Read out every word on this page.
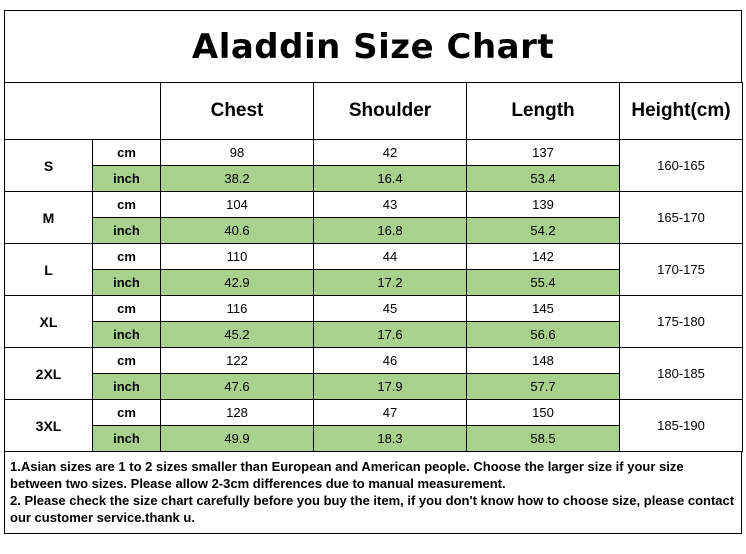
Aladdin Size Chart
		Chest	Shoulder	Length	Height(cm)
S	cm	98	42	137	160-165
	inch	38.2	16.4	53.4	
M	cm	104	43	139	165-170
	inch	40.6	16.8	54.2	
L	cm	110	44	142	170-175
	inch	42.9	17.2	55.4	
XL	cm	116	45	145	175-180
	inch	45.2	17.6	56.6	
2XL	cm	122	46	148	180-185
	inch	47.6	17.9	57.7	
3XL	cm	128	47	150	185-190
	inch	49.9	18.3	58.5	
1.Asian sizes are 1 to 2 sizes smaller than European and American people. Choose the larger size if your size between two sizes. Please allow 2-3cm differences due to manual measurement.
2. Please check the size chart carefully before you buy the item, if you don't know how to choose size, please contact our customer service.thank u.
